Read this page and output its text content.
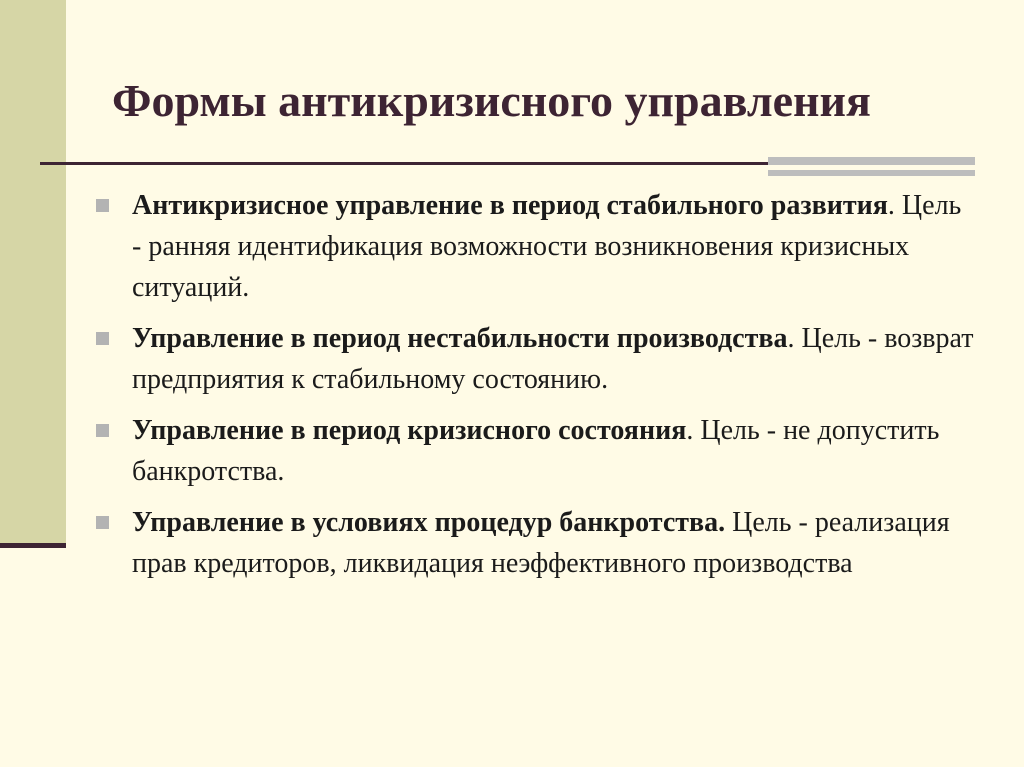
Формы антикризисного управления
Антикризисное управление в период стабильного развития. Цель - ранняя идентификация возможности возникновения кризисных ситуаций.
Управление в период нестабильности производства. Цель - возврат предприятия к стабильному состоянию.
Управление в период кризисного состояния. Цель - не допустить банкротства.
Управление в условиях процедур банкротства. Цель - реализация прав кредиторов, ликвидация неэффективного производства
